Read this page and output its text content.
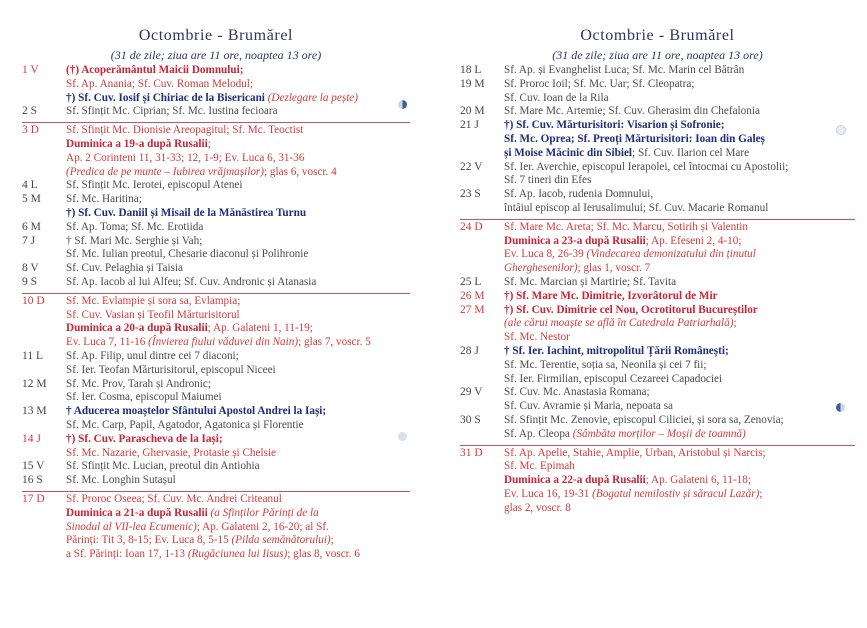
Octombrie - Brumărel
(31 de zile; ziua are 11 ore, noaptea 13 ore)
1 V	(†) Acoperământul Maicii Domnului;
Sf. Ap. Anania; Sf. Cuv. Roman Melodul;
†) Sf. Cuv. Iosif și Chiriac de la Bisericani (Dezlegare la pește)
2 S	Sf. Sfințit Mc. Ciprian; Sf. Mc. Iustina fecioara
3 D	Sf. Sfințit Mc. Dionisie Areopagitul; Sf. Mc. Teoctist
Duminica a 19-a după Rusalii;
Ap. 2 Corinteni 11, 31-33; 12, 1-9; Ev. Luca 6, 31-36
(Predica de pe munte – Iubirea vrăjmașilor); glas 6, voscr. 4
4 L	Sf. Sfințit Mc. Ierotei, episcopul Atenei
5 M	Sf. Mc. Haritina;
†) Sf. Cuv. Daniil și Misail de la Mănăstirea Turnu
6 M	Sf. Ap. Toma; Sf. Mc. Erotiida
7 J	† Sf. Mari Mc. Serghie și Vah;
Sf. Mc. Iulian preotul, Chesarie diaconul și Polihronie
8 V	Sf. Cuv. Pelaghia și Taisia
9 S	Sf. Ap. Iacob al lui Alfeu; Sf. Cuv. Andronic și Atanasia
10 D	Sf. Mc. Evlampie și sora sa, Evlampia;
Sf. Cuv. Vasian și Teofil Mărturisitorul
Duminica a 20-a după Rusalii; Ap. Galateni 1, 11-19;
Ev. Luca 7, 11-16 (Învierea fiului văduvei din Nain); glas 7, voscr. 5
11 L	Sf. Ap. Filip, unul dintre cei 7 diaconi;
Sf. Ier. Teofan Mărturisitorul, episcopul Niceei
12 M	Sf. Mc. Prov, Tarah și Andronic;
Sf. Ier. Cosma, episcopul Maiumei
13 M	† Aducerea moaștelor Sfântului Apostol Andrei la Iași;
Sf. Mc. Carp, Papil, Agatodor, Agatonica și Florentie
14 J	†) Sf. Cuv. Parascheva de la Iași;
Sf. Mc. Nazarie, Ghervasie, Protasie și Chelsie
15 V	Sf. Sfințit Mc. Lucian, preotul din Antiohia
16 S	Sf. Mc. Longhin Sutașul
17 D	Sf. Proroc Oseea; Sf. Cuv. Mc. Andrei Criteanul
Duminica a 21-a după Rusalii (a Sfinților Părinți de la
Sinodul al VII-lea Ecumenic); Ap. Galateni 2, 16-20; al Sf.
Părinți: Tit 3, 8-15; Ev. Luca 8, 5-15 (Pilda semănătorului);
a Sf. Părinți: Ioan 17, 1-13 (Rugăciunea lui Iisus); glas 8, voscr. 6
Octombrie - Brumărel
(31 de zile; ziua are 11 ore, noaptea 13 ore)
18 L	Sf. Ap. și Evanghelist Luca; Sf. Mc. Marin cel Bătrân
19 M	Sf. Proroc Ioil; Sf. Mc. Uar; Sf. Cleopatra;
Sf. Cuv. Ioan de la Rila
20 M	Sf. Mare Mc. Artemie; Sf. Cuv. Gherasim din Chefalonia
21 J	†) Sf. Cuv. Mărturisitori: Visarion și Sofronie;
Sf. Mc. Oprea; Sf. Preoți Mărturisitori: Ioan din Galeș
și Moise Măcinic din Sibiel; Sf. Cuv. Ilarion cel Mare
22 V	Sf. Ier. Averchie, episcopul Ierapolei, cel întocmai cu Apostolii;
Sf. 7 tineri din Efes
23 S	Sf. Ap. Iacob, rudenia Domnului,
întâiul episcop al Ierusalimului; Sf. Cuv. Macarie Romanul
24 D	Sf. Mare Mc. Areta; Sf. Mc. Marcu, Sotirih și Valentin
Duminica a 23-a după Rusalii; Ap. Efeseni 2, 4-10;
Ev. Luca 8, 26-39 (Vindecarea demonizatului din ținutul
Gherghesenilor); glas 1, voscr. 7
25 L	Sf. Mc. Marcian și Martirie; Sf. Tavita
26 M	†) Sf. Mare Mc. Dimitrie, Izvorâtorul de Mir
27 M	†) Sf. Cuv. Dimitrie cel Nou, Ocrotitorul Bucureștilor
(ale cărui moaște se află în Catedrala Patriarhală);
Sf. Mc. Nestor
28 J	† Sf. Ier. Iachint, mitropolitul Țării Românești;
Sf. Mc. Terentie, soția sa, Neonila și cei 7 fii;
Sf. Ier. Firmilian, episcopul Cezareei Capadociei
29 V	Sf. Cuv. Mc. Anastasia Romana;
Sf. Cuv. Avramie și Maria, nepoata sa
30 S	Sf. Sfințit Mc. Zenovie, episcopul Ciliciei, și sora sa, Zenovia;
Sf. Ap. Cleopa (Sâmbăta morților – Moșii de toamnă)
31 D	Sf. Ap. Apelie, Stahie, Amplie, Urban, Aristobul și Narcis;
Sf. Mc. Epimah
Duminica a 22-a după Rusalii; Ap. Galateni 6, 11-18;
Ev. Luca 16, 19-31 (Bogatul nemilostiv și săracul Lazăr);
glas 2, voscr. 8
